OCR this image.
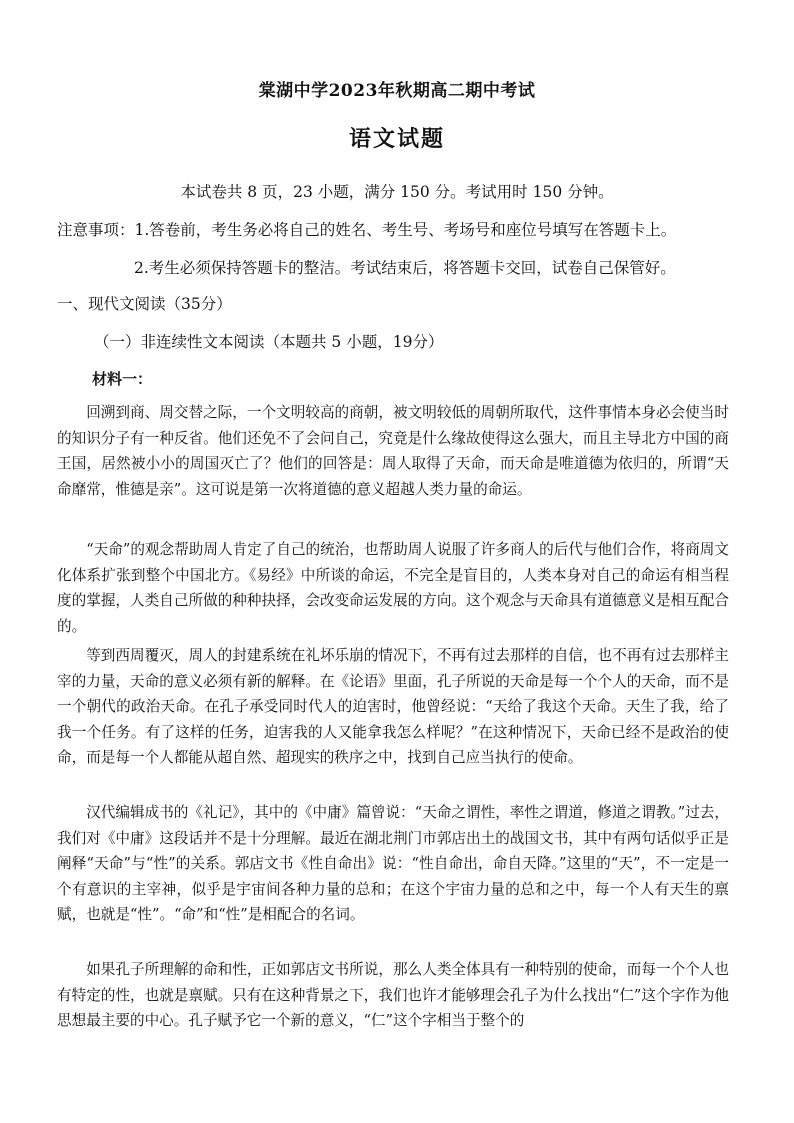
棠湖中学2023年秋期高二期中考试
语文试题
本试卷共 8 页，23 小题，满分 150 分。考试用时 150 分钟。
注意事项：1.答卷前，考生务必将自己的姓名、考生号、考场号和座位号填写在答题卡上。
2.考生必须保持答题卡的整洁。考试结束后，将答题卡交回，试卷自己保管好。
一、现代文阅读（35分）
（一）非连续性文本阅读（本题共 5 小题，19分）
材料一：

回溯到商、周交替之际，一个文明较高的商朝，被文明较低的周朝所取代，这件事情本身必会使当时的知识分子有一种反省。他们还免不了会问自己，究竟是什么缘故使得这么强大，而且主导北方中国的商王国，居然被小小的周国灭亡了？他们的回答是：周人取得了天命，而天命是唯道德为依归的，所谓“天命靡常，惟德是亲”。这可说是第一次将道德的意义超越人类力量的命运。

“天命”的观念帮助周人肯定了自己的统治，也帮助周人说服了许多商人的后代与他们合作，将商周文化体系扩张到整个中国北方。《易经》中所谈的命运，不完全是盲目的，人类本身对自己的命运有相当程度的掌握，人类自己所做的种种抉择，会改变命运发展的方向。这个观念与天命具有道德意义是相互配合的。

等到西周覆灭，周人的封建系统在礼坏乐崩的情况下，不再有过去那样的自信，也不再有过去那样主宰的力量，天命的意义必须有新的解释。在《论语》里面，孔子所说的天命是每一个个人的天命，而不是一个朝代的政治天命。在孔子承受同时代人的迫害时，他曾经说：“天给了我这个天命。天生了我，给了我一个任务。有了这样的任务，迫害我的人又能拿我怎么样呢？”在这种情况下，天命已经不是政治的使命，而是每一个人都能从超自然、超现实的秩序之中，找到自己应当执行的使命。

汉代编辑成书的《礼记》，其中的《中庸》篇曾说：“天命之谓性，率性之谓道，修道之谓教。”过去，我们对《中庸》这段话并不是十分理解。最近在湖北荆门市郭店出土的战国文书，其中有两句话似乎正是阐释“天命”与“性”的关系。郭店文书《性自命出》说：“性自命出，命自天降。”这里的“天”，不一定是一个有意识的主宰神，似乎是宇宙间各种力量的总和；在这个宇宙力量的总和之中，每一个人有天生的禀赋，也就是“性”。“命”和“性”是相配合的名词。

如果孔子所理解的命和性，正如郭店文书所说，那么人类全体具有一种特别的使命，而每一个个人也有特定的性，也就是禀赋。只有在这种背景之下，我们也许才能够理会孔子为什么找出“仁”这个字作为他思想最主要的中心。孔子赋予它一个新的意义，“仁”这个字相当于整个的
